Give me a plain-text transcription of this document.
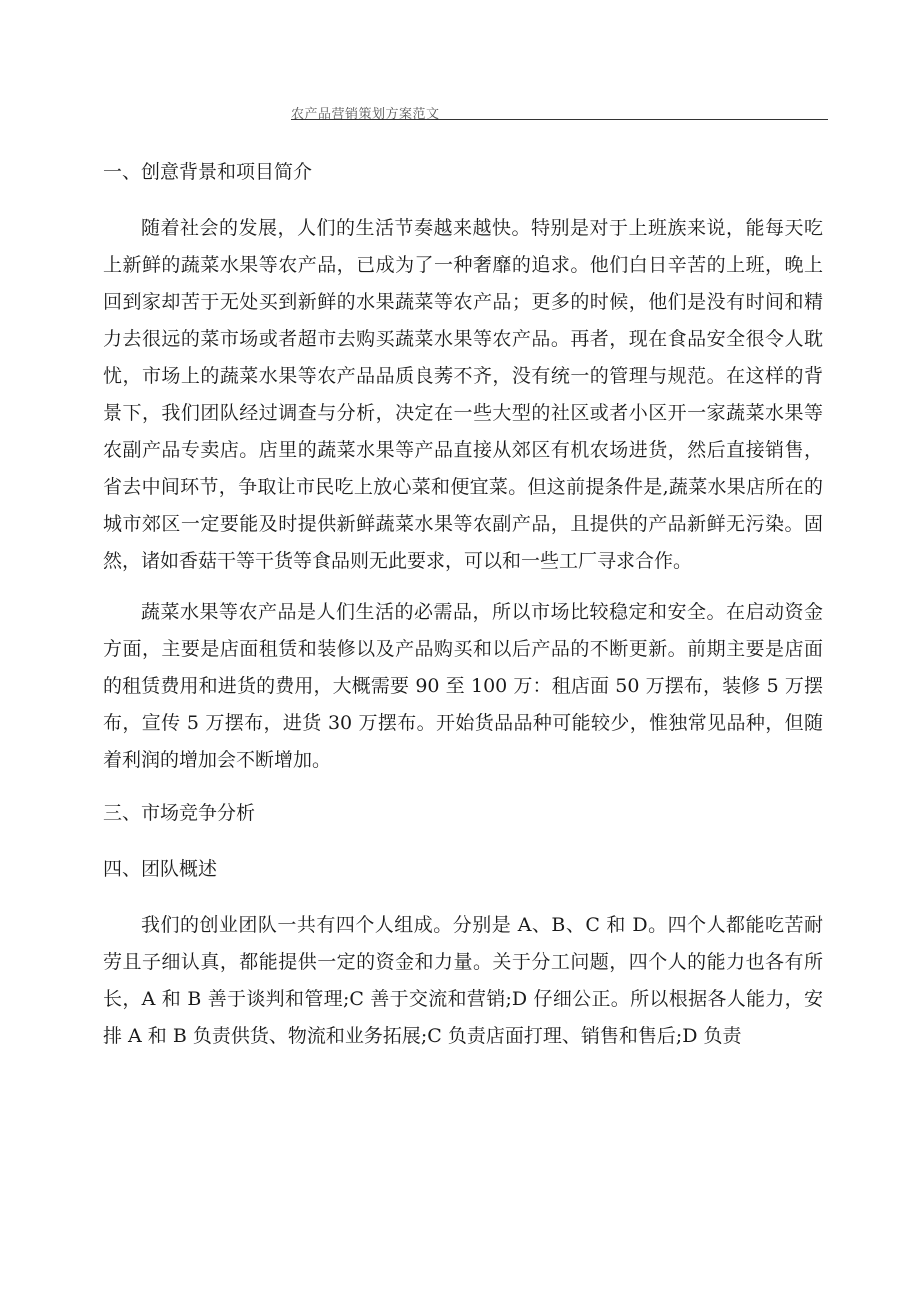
农产品营销策划方案范文
一、创意背景和项目简介

随着社会的发展，人们的生活节奏越来越快。特别是对于上班族来说，能每天吃上新鲜的蔬菜水果等农产品，已成为了一种奢靡的追求。他们白日辛苦的上班，晚上回到家却苦于无处买到新鲜的水果蔬菜等农产品；更多的时候，他们是没有时间和精力去很远的菜市场或者超市去购买蔬菜水果等农产品。再者，现在食品安全很令人耽忧，市场上的蔬菜水果等农产品品质良莠不齐，没有统一的管理与规范。在这样的背景下，我们团队经过调查与分析，决定在一些大型的社区或者小区开一家蔬菜水果等农副产品专卖店。店里的蔬菜水果等产品直接从郊区有机农场进货，然后直接销售，省去中间环节，争取让市民吃上放心菜和便宜菜。但这前提条件是,蔬菜水果店所在的城市郊区一定要能及时提供新鲜蔬菜水果等农副产品，且提供的产品新鲜无污染。固然，诸如香菇干等干货等食品则无此要求，可以和一些工厂寻求合作。

蔬菜水果等农产品是人们生活的必需品，所以市场比较稳定和安全。在启动资金方面，主要是店面租赁和装修以及产品购买和以后产品的不断更新。前期主要是店面的租赁费用和进货的费用，大概需要 90 至 100 万：租店面 50 万摆布，装修 5 万摆布，宣传 5 万摆布，进货 30 万摆布。开始货品品种可能较少，惟独常见品种，但随着利润的增加会不断增加。

三、市场竞争分析
四、团队概述

我们的创业团队一共有四个人组成。分别是 A、B、C 和 D。四个人都能吃苦耐劳且子细认真，都能提供一定的资金和力量。关于分工问题，四个人的能力也各有所长，A 和 B 善于谈判和管理;C 善于交流和营销;D 仔细公正。所以根据各人能力，安排 A 和 B 负责供货、物流和业务拓展;C 负责店面打理、销售和售后;D 负责
